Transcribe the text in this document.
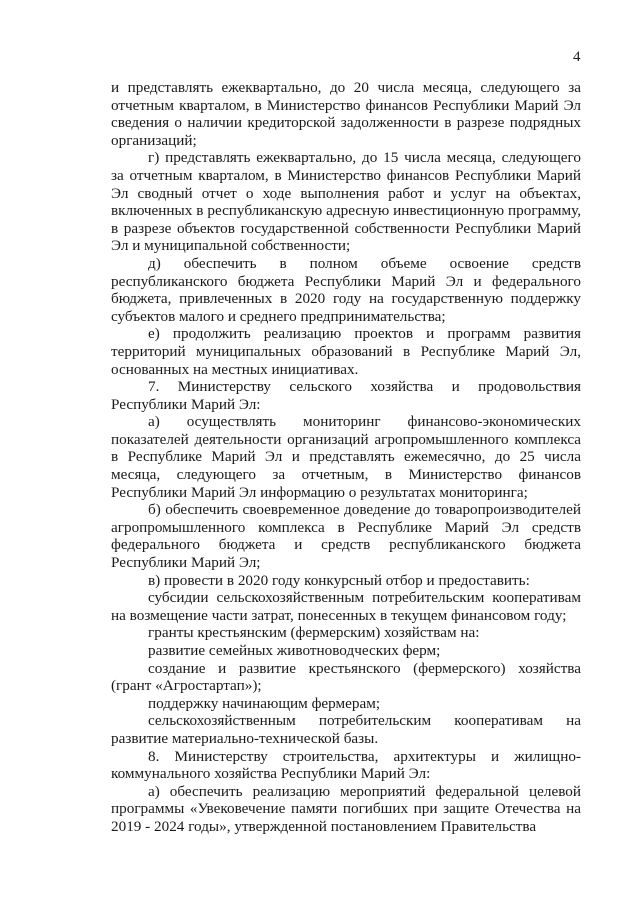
4

и представлять ежеквартально, до 20 числа месяца, следующего за отчетным кварталом, в Министерство финансов Республики Марий Эл сведения о наличии кредиторской задолженности в разрезе подрядных организаций;

г) представлять ежеквартально, до 15 числа месяца, следующего за отчетным кварталом, в Министерство финансов Республики Марий Эл сводный отчет о ходе выполнения работ и услуг на объектах, включенных в республиканскую адресную инвестиционную программу, в разрезе объектов государственной собственности Республики Марий Эл и муниципальной собственности;

д) обеспечить в полном объеме освоение средств республиканского бюджета Республики Марий Эл и федерального бюджета, привлеченных в 2020 году на государственную поддержку субъектов малого и среднего предпринимательства;

е) продолжить реализацию проектов и программ развития территорий муниципальных образований в Республике Марий Эл, основанных на местных инициативах.

7. Министерству сельского хозяйства и продовольствия Республики Марий Эл:

а) осуществлять мониторинг финансово-экономических показателей деятельности организаций агропромышленного комплекса в Республике Марий Эл и представлять ежемесячно, до 25 числа месяца, следующего за отчетным, в Министерство финансов Республики Марий Эл информацию о результатах мониторинга;

б) обеспечить своевременное доведение до товаропроизводителей агропромышленного комплекса в Республике Марий Эл средств федерального бюджета и средств республиканского бюджета Республики Марий Эл;

в) провести в 2020 году конкурсный отбор и предоставить:

субсидии сельскохозяйственным потребительским кооперативам на возмещение части затрат, понесенных в текущем финансовом году;

гранты крестьянским (фермерским) хозяйствам на:

развитие семейных животноводческих ферм;

создание и развитие крестьянского (фермерского) хозяйства (грант «Агростартап»);

поддержку начинающим фермерам;

сельскохозяйственным потребительским кооперативам на развитие материально-технической базы.

8. Министерству строительства, архитектуры и жилищно-коммунального хозяйства Республики Марий Эл:

а) обеспечить реализацию мероприятий федеральной целевой программы «Увековечение памяти погибших при защите Отечества на 2019 - 2024 годы», утвержденной постановлением Правительства
